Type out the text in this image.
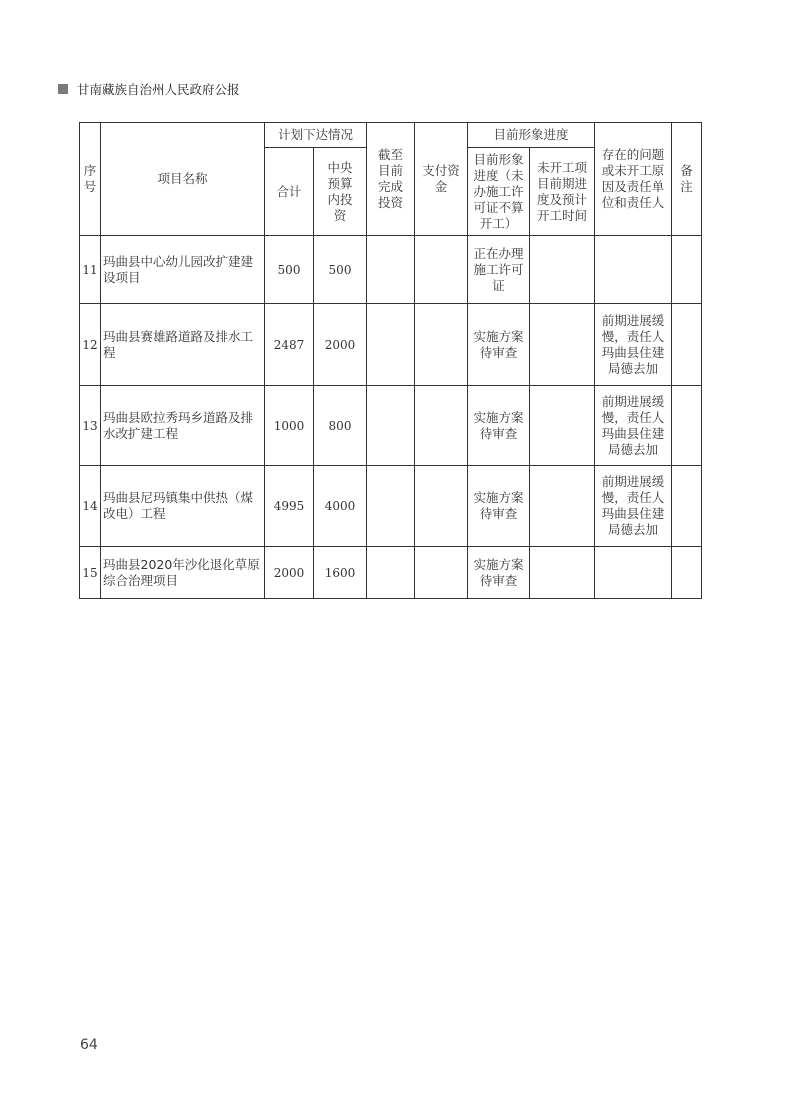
甘南藏族自治州人民政府公报
序号	项目名称	计划下达情况		截至目前完成投资	支付资金	目前形象进度		存在的问题或未开工原因及责任单位和责任人	备注
		合计	中央预算内投资			目前形象进度（未办施工许可证不算开工）	未开工项目前期进度及预计开工时间		
11	玛曲县中心幼儿园改扩建建设项目	500	500			正在办理施工许可证			
12	玛曲县赛雄路道路及排水工程	2487	2000			实施方案待审查		前期进展缓慢，责任人玛曲县住建局德去加	
13	玛曲县欧拉秀玛乡道路及排水改扩建工程	1000	800			实施方案待审查		前期进展缓慢，责任人玛曲县住建局德去加	
14	玛曲县尼玛镇集中供热（煤改电）工程	4995	4000			实施方案待审查		前期进展缓慢，责任人玛曲县住建局德去加	
15	玛曲县2020年沙化退化草原综合治理项目	2000	1600			实施方案待审查			
64
